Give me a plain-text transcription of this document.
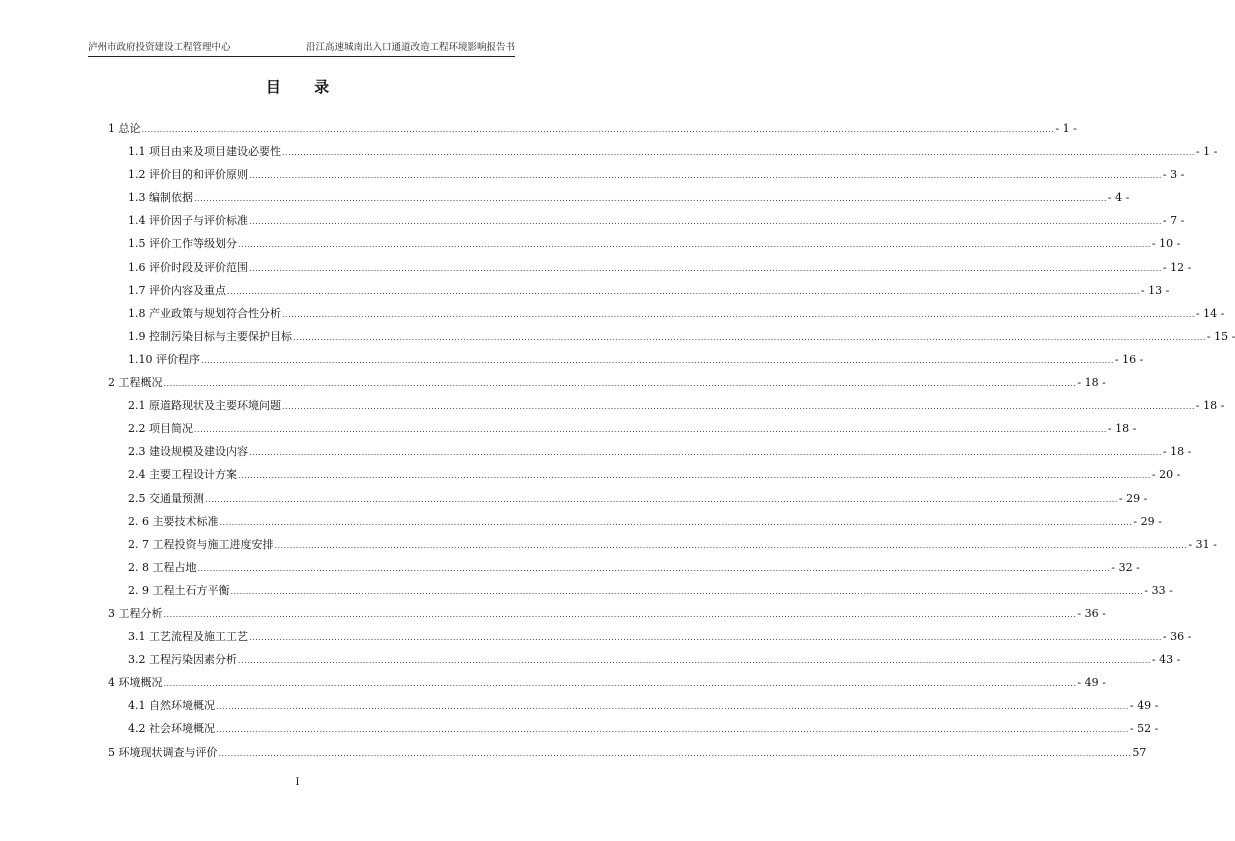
泸州市政府投资建设工程管理中心	沿江高速城南出入口通道改造工程环境影响报告书
目 录
1 总论 ............................................................................................................................................................................................................................................................................................................ - 1 -
1.1 项目由来及项目建设必要性 ............................................................................................................................................................................................................................................................................................................ - 1 -
1.2 评价目的和评价原则 ............................................................................................................................................................................................................................................................................................................ - 3 -
1.3 编制依据 ............................................................................................................................................................................................................................................................................................................ - 4 -
1.4 评价因子与评价标准 ............................................................................................................................................................................................................................................................................................................ - 7 -
1.5 评价工作等级划分 ............................................................................................................................................................................................................................................................................................................ - 10 -
1.6 评价时段及评价范围 ............................................................................................................................................................................................................................................................................................................ - 12 -
1.7 评价内容及重点 ............................................................................................................................................................................................................................................................................................................ - 13 -
1.8 产业政策与规划符合性分析 ............................................................................................................................................................................................................................................................................................................ - 14 -
1.9 控制污染目标与主要保护目标 ............................................................................................................................................................................................................................................................................................................ - 15 -
1.10 评价程序 ............................................................................................................................................................................................................................................................................................................ - 16 -
2 工程概况 ............................................................................................................................................................................................................................................................................................................ - 18 -
2.1 原道路现状及主要环境问题 ............................................................................................................................................................................................................................................................................................................ - 18 -
2.2 项目简况 ............................................................................................................................................................................................................................................................................................................ - 18 -
2.3 建设规模及建设内容 ............................................................................................................................................................................................................................................................................................................ - 18 -
2.4 主要工程设计方案 ............................................................................................................................................................................................................................................................................................................ - 20 -
2.5 交通量预测 ............................................................................................................................................................................................................................................................................................................ - 29 -
2. 6 主要技术标准 ............................................................................................................................................................................................................................................................................................................ - 29 -
2. 7 工程投资与施工进度安排 ............................................................................................................................................................................................................................................................................................................ - 31 -
2. 8 工程占地 ............................................................................................................................................................................................................................................................................................................ - 32 -
2. 9 工程土石方平衡 ............................................................................................................................................................................................................................................................................................................ - 33 -
3 工程分析 ............................................................................................................................................................................................................................................................................................................ - 36 -
3.1 工艺流程及施工工艺 ............................................................................................................................................................................................................................................................................................................ - 36 -
3.2 工程污染因素分析 ............................................................................................................................................................................................................................................................................................................ - 43 -
4 环境概况 ............................................................................................................................................................................................................................................................................................................ - 49 -
4.1 自然环境概况 ............................................................................................................................................................................................................................................................................................................ - 49 -
4.2 社会环境概况 ............................................................................................................................................................................................................................................................................................................ - 52 -
5 环境现状调查与评价 ............................................................................................................................................................................................................................................................................................................ 57
I
